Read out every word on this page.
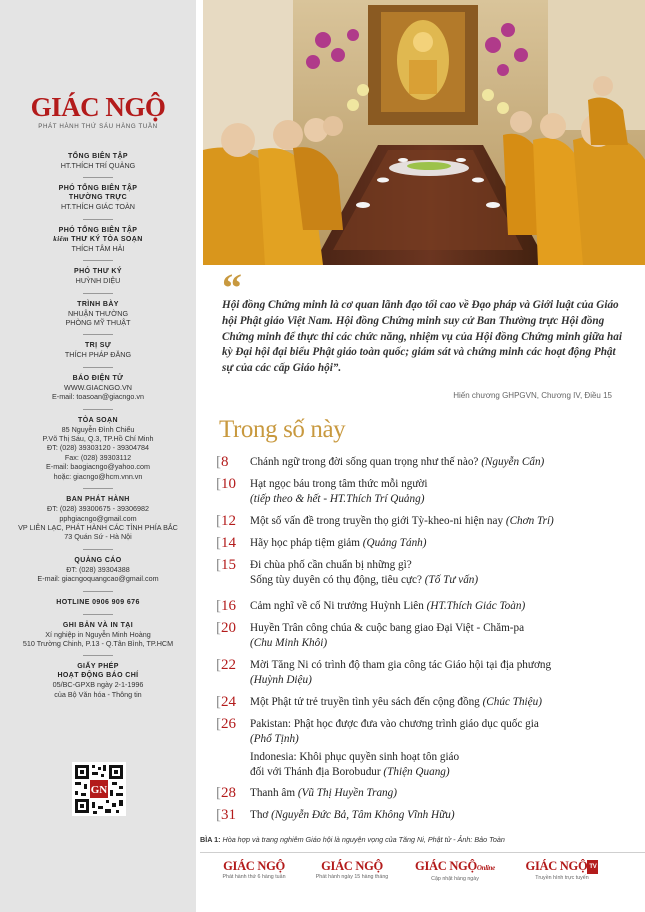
GIÁC NGỘ
PHÁT HÀNH THỨ SÁU HÀNG TUẦN
TỔNG BIÊN TẬP
HT.THÍCH TRÍ QUẢNG
PHÓ TỔNG BIÊN TẬP
THƯỜNG TRỰC
HT.THÍCH GIÁC TOÀN
PHÓ TỔNG BIÊN TẬP
kiêm THƯ KÝ TÒA SOẠN
THÍCH TÂM HẢI
PHÓ THƯ KÝ
HUỲNH DIỆU
TRÌNH BÀY
NHUẬN THƯỜNG
PHÒNG MỸ THUẬT
TRỊ SỰ
THÍCH PHÁP ĐĂNG
BÁO ĐIỆN TỬ
WWW.GIACNGO.VN
E-mail: toasoan@giacngo.vn
TÒA SOẠN
85 Nguyễn Đình Chiểu
P.Võ Thị Sáu, Q.3, TP.Hồ Chí Minh
ĐT: (028) 39303120 - 39304784
Fax: (028) 39303112
E-mail: baogiacngo@yahoo.com
hoặc: giacngo@hcm.vnn.vn
BAN PHÁT HÀNH
ĐT: (028) 39300675 - 39306982
pphgiacngo@gmail.com
VP LIÊN LẠC, PHÁT HÀNH CÁC TỈNH PHÍA BẮC
73 Quán Sứ - Hà Nội
QUẢNG CÁO
ĐT: (028) 39304388
E-mail: giacngoquangcao@gmail.com
HOTLINE 0906 909 676
GHI BẢN VÀ IN TẠI
Xí nghiệp in Nguyễn Minh Hoàng
510 Trường Chinh, P.13 - Q.Tân Bình, TP.HCM
GIẤY PHÉP
HOẠT ĐỘNG BÁO CHÍ
05/BC-GPXB ngày 2-1-1996
của Bộ Văn hóa - Thông tin
GN
“
Hội đồng Chứng minh là cơ quan lãnh đạo tối cao về Đạo pháp và Giới luật của Giáo hội Phật giáo Việt Nam. Hội đồng Chứng minh suy cử Ban Thường trực Hội đồng Chứng minh để thực thi các chức năng, nhiệm vụ của Hội đồng Chứng minh giữa hai kỳ Đại hội đại biểu Phật giáo toàn quốc; giám sát và chứng minh các hoạt động Phật sự của các cấp Giáo hội”.
Hiến chương GHPGVN, Chương IV, Điều 15
Trong số này
[8 Chánh ngữ trong đời sống quan trọng như thế nào? (Nguyễn Cẩn)
[10 Hạt ngọc báu trong tâm thức mỗi người
(tiếp theo & hết - HT.Thích Trí Quảng)
[12 Một số vấn đề trong truyền thọ giới Tỳ-kheo-ni hiện nay (Chơn Trí)
[14 Hãy học pháp tiệm giảm (Quảng Tánh)
[15 Đi chùa phố cần chuẩn bị những gì?
Sống tùy duyên có thụ động, tiêu cực? (Tố Tư vấn)
[16 Cảm nghĩ về cố Ni trưởng Huỳnh Liên (HT.Thích Giác Toàn)
[20 Huyền Trân công chúa & cuộc bang giao Đại Việt - Chăm-pa
(Chu Minh Khôi)
[22 Mời Tăng Ni có trình độ tham gia công tác Giáo hội tại địa phương
(Huỳnh Diệu)
[24 Một Phật tử trẻ truyền tình yêu sách đến cộng đồng (Chúc Thiệu)
[26 Pakistan: Phật học được đưa vào chương trình giáo dục quốc gia
(Phổ Tịnh)

Indonesia: Khôi phục quyền sinh hoạt tôn giáo
đối với Thánh địa Borobudur (Thiện Quang)
[28 Thanh âm (Vũ Thị Huyền Trang)
[31 Thơ (Nguyễn Đức Bả, Tâm Không Vĩnh Hữu)
BÌA 1: Hòa hợp và trang nghiêm Giáo hội là nguyện vọng của Tăng Ni, Phật tử - Ảnh: Bảo Toàn
GIÁC NGỘ
Phát hành thứ 6 hàng tuần
GIÁC NGỘ
Phát hành ngày 15 hàng tháng
GIÁC NGỘOnline
Cập nhật hàng ngày
GIÁC NGỘ TV
Truyền hình trực tuyến
